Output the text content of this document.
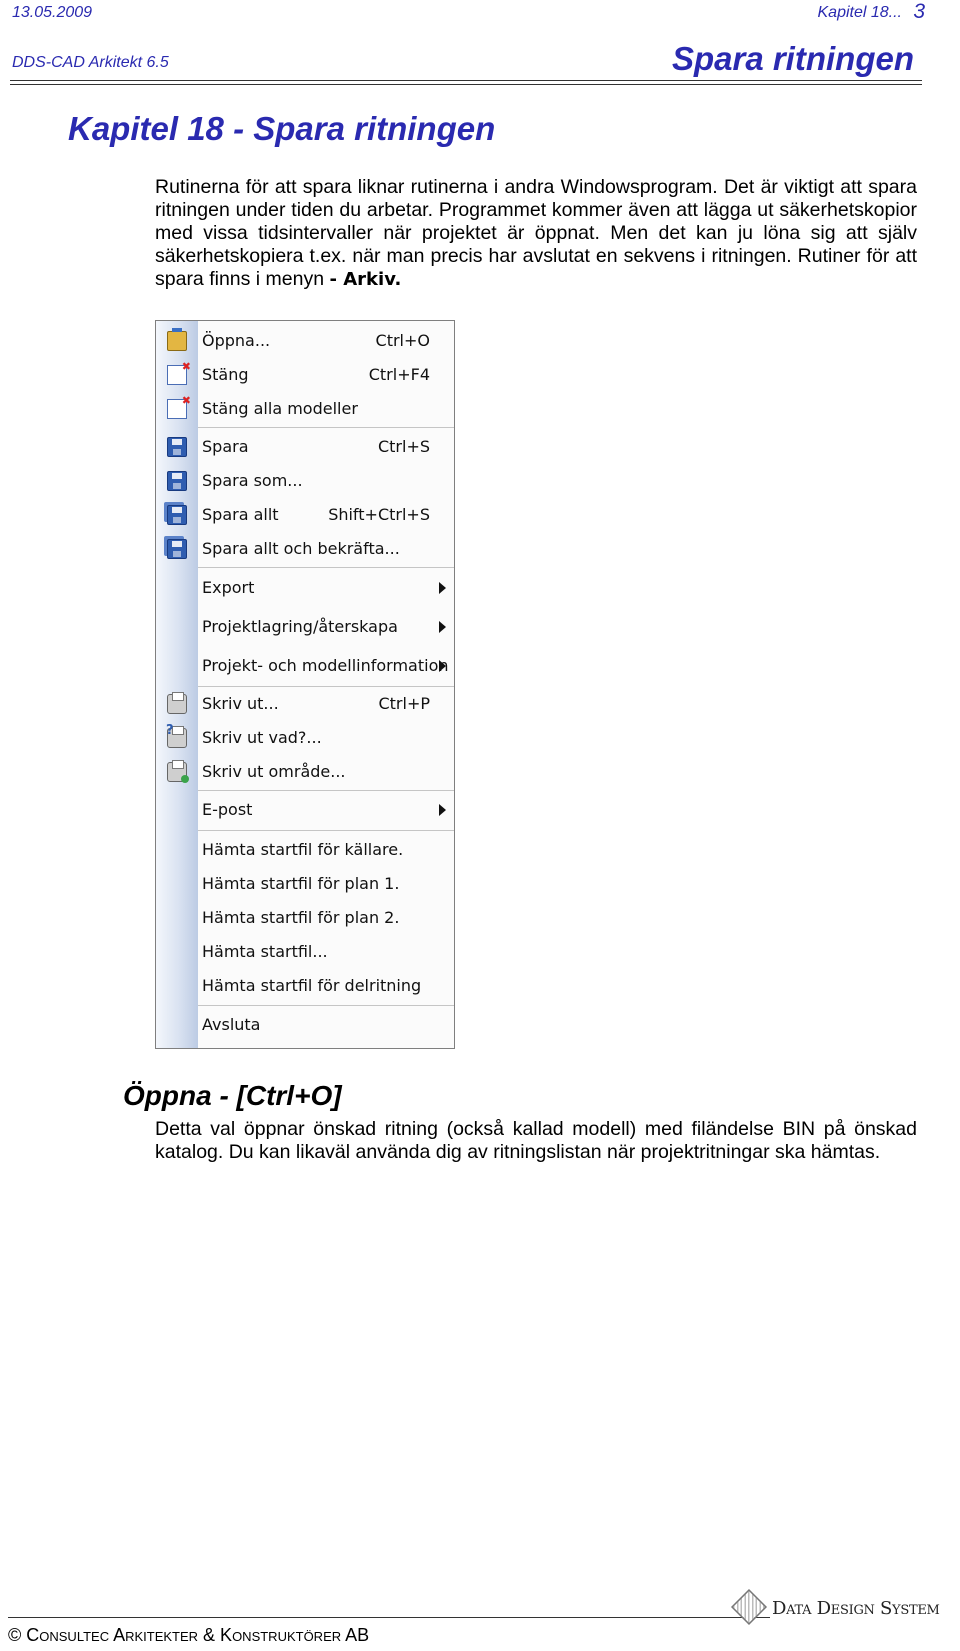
13.05.2009	Kapitel 18... 3
DDS-CAD Arkitekt 6.5	Spara ritningen
Kapitel 18 - Spara ritningen
Rutinerna för att spara liknar rutinerna i andra Windowsprogram. Det är viktigt att spara ritningen under tiden du arbetar. Programmet kommer även att lägga ut säkerhetskopior med vissa tidsintervaller när projektet är öppnat. Men det kan ju löna sig att själv säkerhetskopiera t.ex. när man precis har avslutat en sekvens i ritningen. Rutiner för att spara finns i menyn - Arkiv.
Öppna...	Ctrl+O
✖
Stäng	Ctrl+F4
✖
Stäng alla modeller
Spara	Ctrl+S
Spara som...
Spara allt	Shift+Ctrl+S
Spara allt och bekräfta...
Export
Projektlagring/återskapa
Projekt- och modellinformation
Skriv ut...	Ctrl+P
?
Skriv ut vad?...
Skriv ut område...
E-post
Hämta startfil för källare.
Hämta startfil för plan 1.
Hämta startfil för plan 2.
Hämta startfil...
Hämta startfil för delritning
Avsluta
Öppna - [Ctrl+O]
Detta val öppnar önskad ritning (också kallad modell) med filändelse BIN på önskad katalog. Du kan likaväl använda dig av ritningslistan när projektritningar ska hämtas.
© Consultec Arkitekter & Konstruktörer AB
Data Design System
